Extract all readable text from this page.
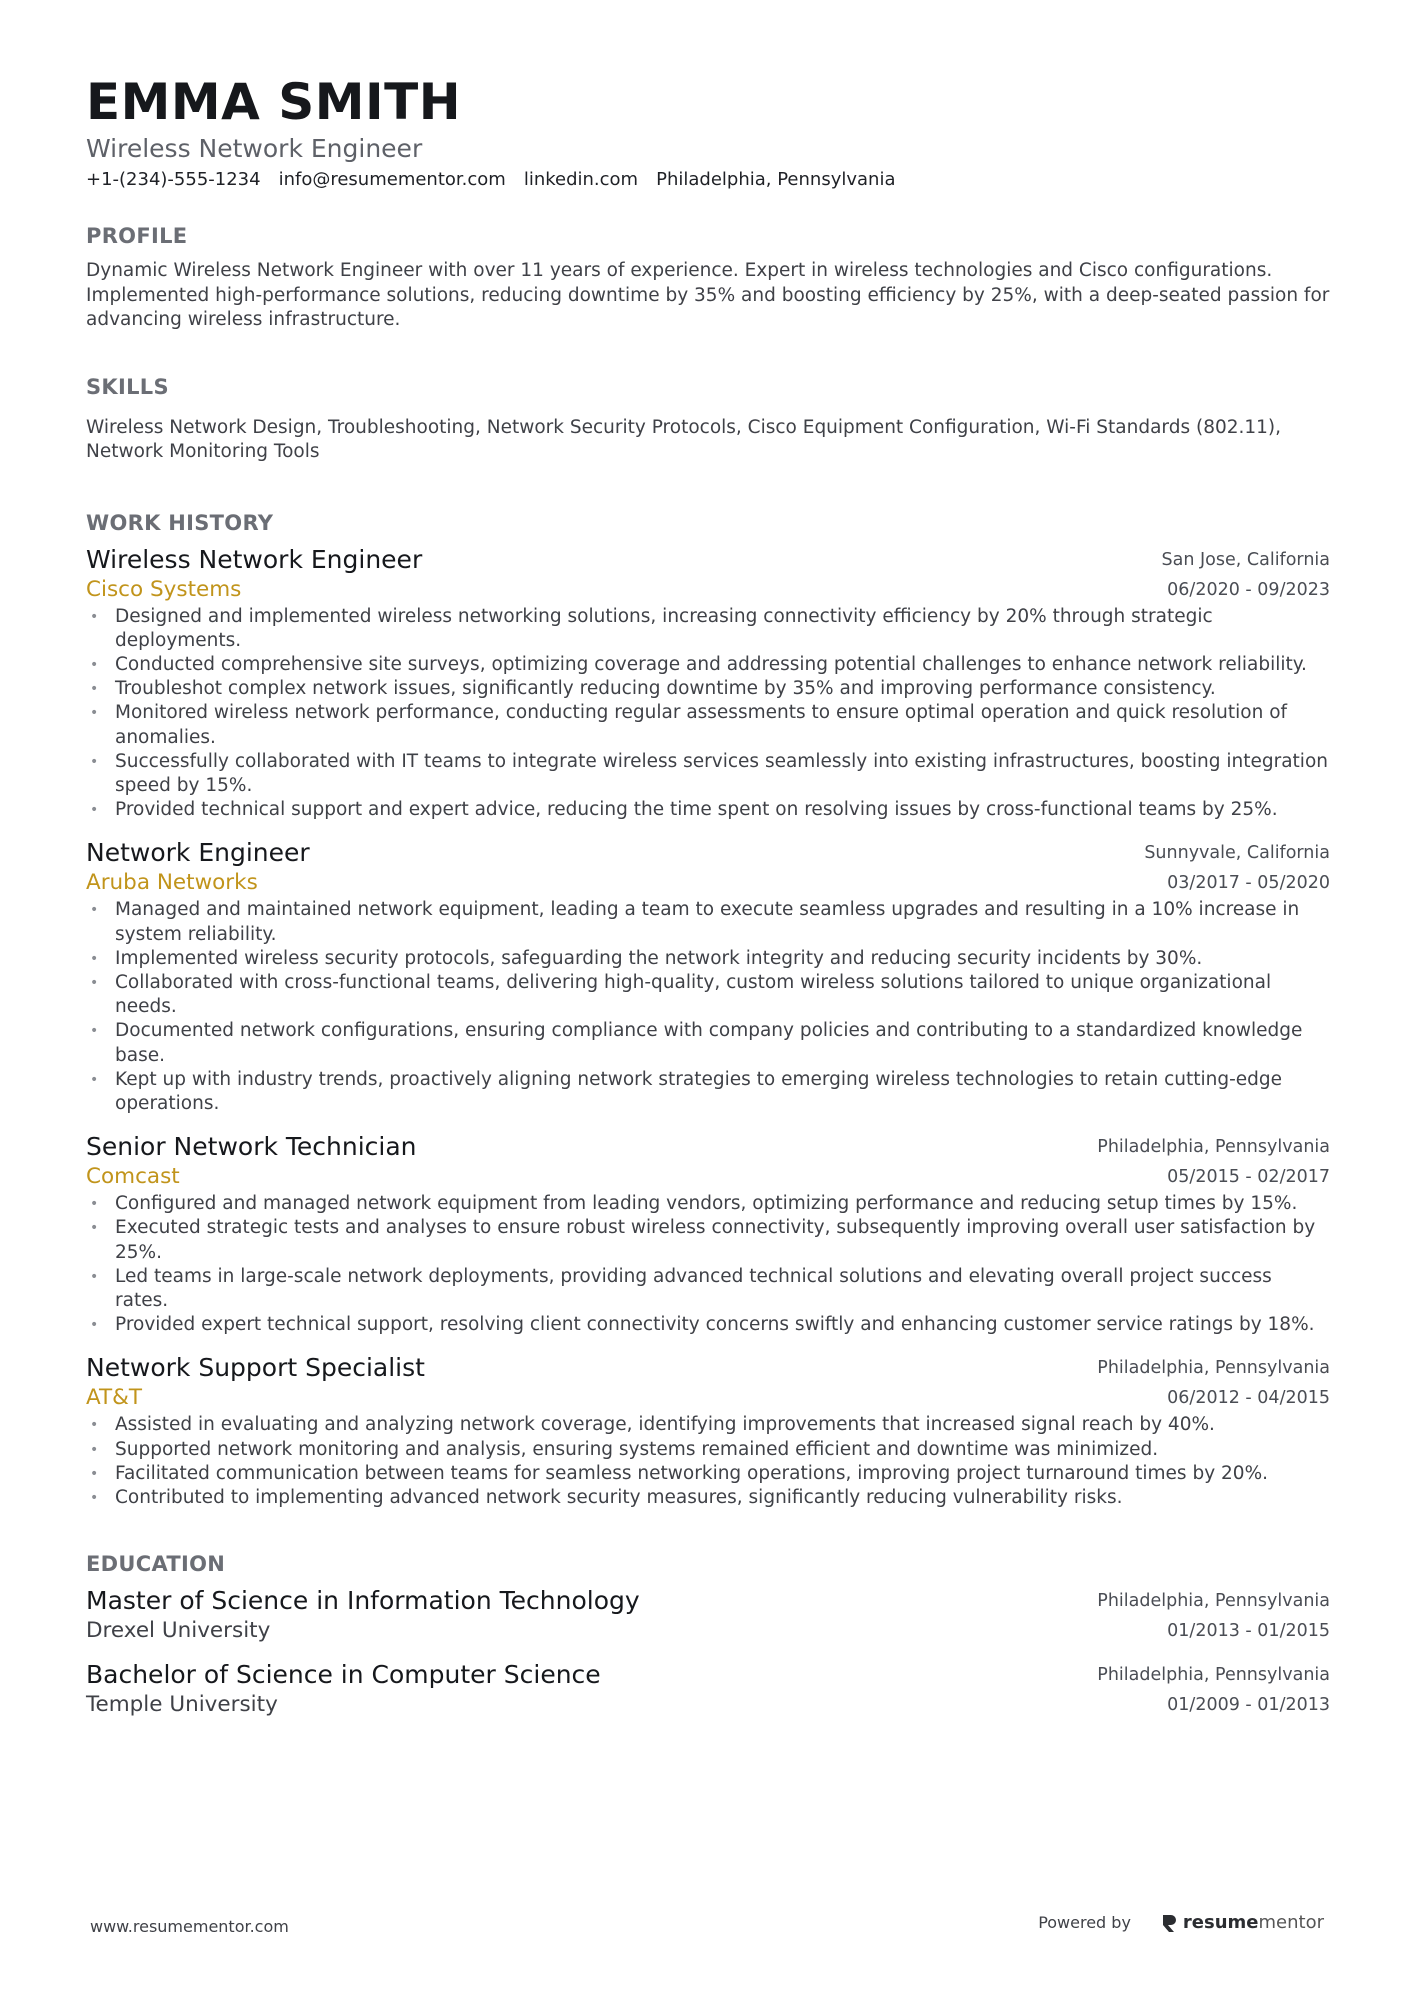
EMMA SMITH
Wireless Network Engineer
+1-(234)-555-1234 info@resumementor.com linkedin.com Philadelphia, Pennsylvania
PROFILE

Dynamic Wireless Network Engineer with over 11 years of experience. Expert in wireless technologies and Cisco configurations. Implemented high-performance solutions, reducing downtime by 35% and boosting efficiency by 25%, with a deep-seated passion for advancing wireless infrastructure.

SKILLS

Wireless Network Design, Troubleshooting, Network Security Protocols, Cisco Equipment Configuration, Wi-Fi Standards (802.11), Network Monitoring Tools

WORK HISTORY
Wireless Network Engineer
Cisco Systems
San Jose, California
06/2020 - 09/2023
• Designed and implemented wireless networking solutions, increasing connectivity efficiency by 20% through strategic deployments.
• Conducted comprehensive site surveys, optimizing coverage and addressing potential challenges to enhance network reliability.
• Troubleshot complex network issues, significantly reducing downtime by 35% and improving performance consistency.
• Monitored wireless network performance, conducting regular assessments to ensure optimal operation and quick resolution of anomalies.
• Successfully collaborated with IT teams to integrate wireless services seamlessly into existing infrastructures, boosting integration speed by 15%.
• Provided technical support and expert advice, reducing the time spent on resolving issues by cross-functional teams by 25%.
Network Engineer
Aruba Networks
Sunnyvale, California
03/2017 - 05/2020
• Managed and maintained network equipment, leading a team to execute seamless upgrades and resulting in a 10% increase in system reliability.
• Implemented wireless security protocols, safeguarding the network integrity and reducing security incidents by 30%.
• Collaborated with cross-functional teams, delivering high-quality, custom wireless solutions tailored to unique organizational needs.
• Documented network configurations, ensuring compliance with company policies and contributing to a standardized knowledge base.
• Kept up with industry trends, proactively aligning network strategies to emerging wireless technologies to retain cutting-edge operations.
Senior Network Technician
Comcast
Philadelphia, Pennsylvania
05/2015 - 02/2017
• Configured and managed network equipment from leading vendors, optimizing performance and reducing setup times by 15%.
• Executed strategic tests and analyses to ensure robust wireless connectivity, subsequently improving overall user satisfaction by 25%.
• Led teams in large-scale network deployments, providing advanced technical solutions and elevating overall project success rates.
• Provided expert technical support, resolving client connectivity concerns swiftly and enhancing customer service ratings by 18%.
Network Support Specialist
AT&T
Philadelphia, Pennsylvania
06/2012 - 04/2015
• Assisted in evaluating and analyzing network coverage, identifying improvements that increased signal reach by 40%.
• Supported network monitoring and analysis, ensuring systems remained efficient and downtime was minimized.
• Facilitated communication between teams for seamless networking operations, improving project turnaround times by 20%.
• Contributed to implementing advanced network security measures, significantly reducing vulnerability risks.
EDUCATION
Master of Science in Information Technology
Drexel University
Philadelphia, Pennsylvania
01/2013 - 01/2015
Bachelor of Science in Computer Science
Temple University
Philadelphia, Pennsylvania
01/2009 - 01/2013
www.resumementor.com	Powered by	resumementor
